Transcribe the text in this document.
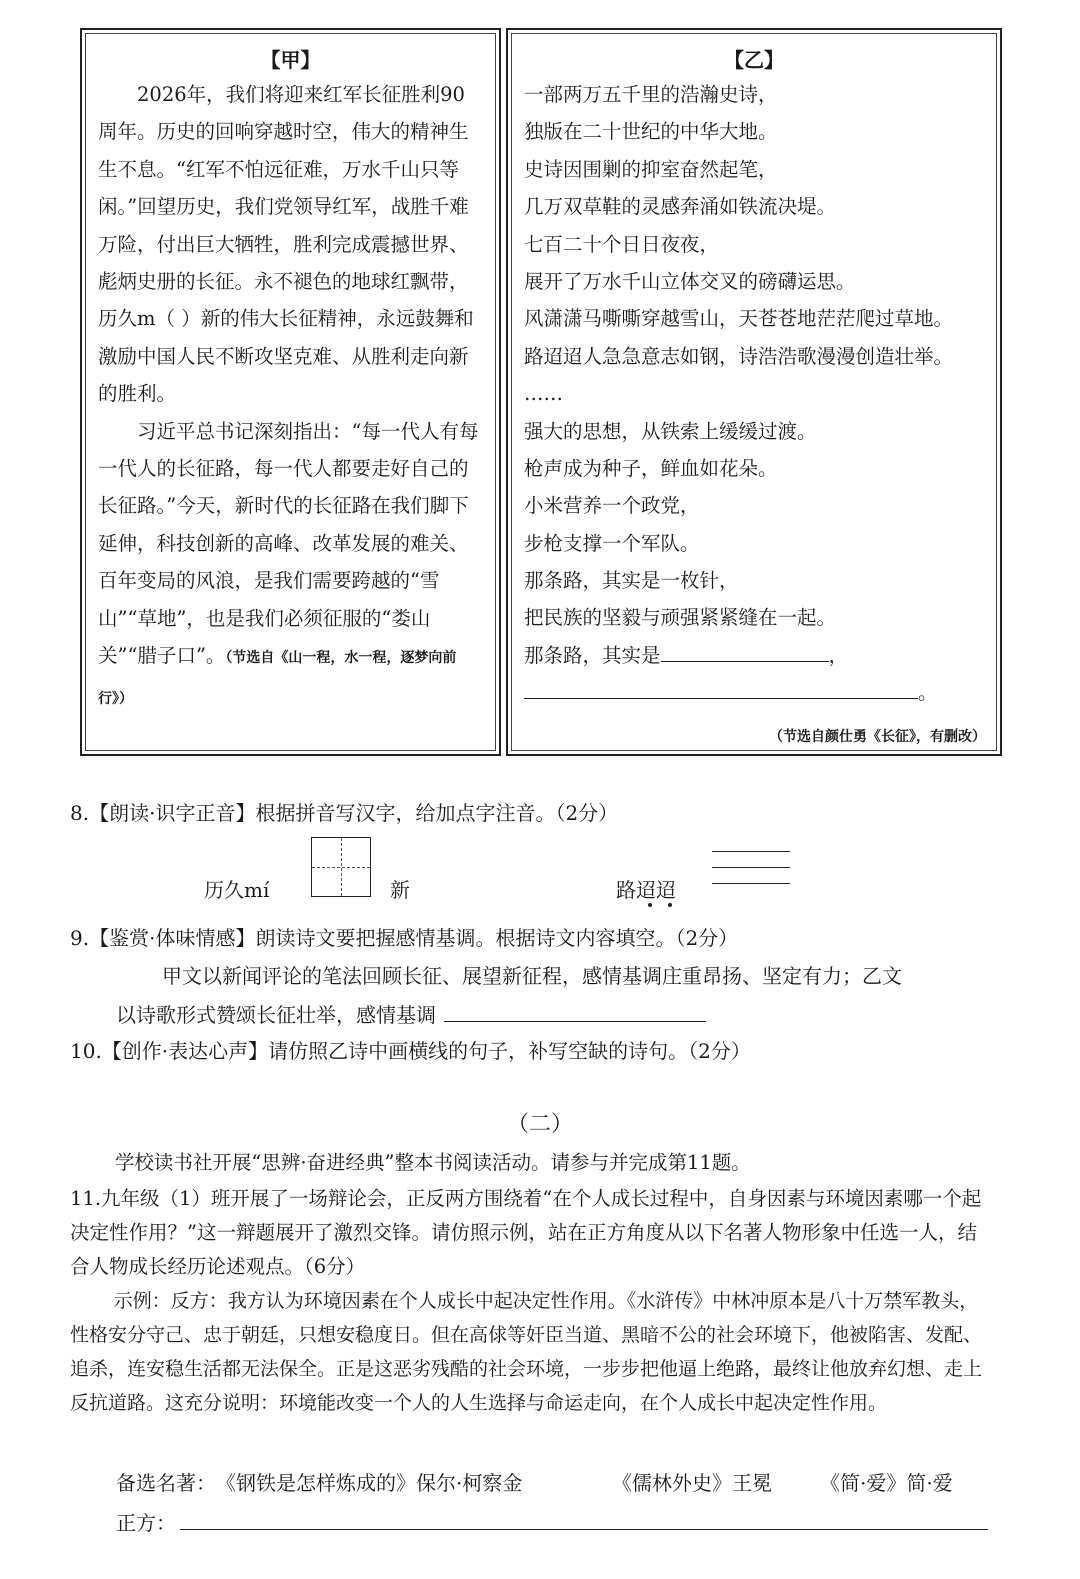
【甲】

2026年，我们将迎来红军长征胜利90周年。历史的回响穿越时空，伟大的精神生生不息。“红军不怕远征难，万水千山只等闲。”回望历史，我们党领导红军，战胜千难万险，付出巨大牺牲，胜利完成震撼世界、彪炳史册的长征。永不褪色的地球红飘带，历久m（ ）新的伟大长征精神，永远鼓舞和激励中国人民不断攻坚克难、从胜利走向新的胜利。

习近平总书记深刻指出：“每一代人有每一代人的长征路，每一代人都要走好自己的长征路。”今天，新时代的长征路在我们脚下延伸，科技创新的高峰、改革发展的难关、百年变局的风浪，是我们需要跨越的“雪山”“草地”，也是我们必须征服的“娄山关”“腊子口”。（节选自《山一程，水一程，逐梦向前行》）

【乙】
一部两万五千里的浩瀚史诗，
独版在二十世纪的中华大地。
史诗因围剿的抑室奋然起笔，
几万双草鞋的灵感奔涌如铁流决堤。
七百二十个日日夜夜，
展开了万水千山立体交叉的磅礴运思。
风潇潇马嘶嘶穿越雪山，天苍苍地茫茫爬过草地。
路迢迢人急急意志如钢，诗浩浩歌漫漫创造壮举。
……
强大的思想，从铁索上缓缓过渡。
枪声成为种子，鲜血如花朵。
小米营养一个政党，
步枪支撑一个军队。
那条路，其实是一枚针，
把民族的坚毅与顽强紧紧缝在一起。
那条路，其实是	，
。
（节选自颜仕勇《长征》，有删改）
8.【朗读·识字正音】根据拼音写汉字，给加点字注音。（2分）
历久mí	新	路迢迢
9.【鉴赏·体味情感】朗读诗文要把握感情基调。根据诗文内容填空。（2分）
甲文以新闻评论的笔法回顾长征、展望新征程，感情基调庄重昂扬、坚定有力；乙文
以诗歌形式赞颂长征壮举，感情基调
10.【创作·表达心声】请仿照乙诗中画横线的句子，补写空缺的诗句。（2分）
（二）
学校读书社开展“思辨·奋进经典”整本书阅读活动。请参与并完成第11题。
11.九年级（1）班开展了一场辩论会，正反两方围绕着“在个人成长过程中，自身因素与环境因素哪一个起决定性作用？”这一辩题展开了激烈交锋。请仿照示例，站在正方角度从以下名著人物形象中任选一人，结合人物成长经历论述观点。（6分）
示例：反方：我方认为环境因素在个人成长中起决定性作用。《水浒传》中林冲原本是八十万禁军教头，性格安分守己、忠于朝廷，只想安稳度日。但在高俅等奸臣当道、黑暗不公的社会环境下，他被陷害、发配、追杀，连安稳生活都无法保全。正是这恶劣残酷的社会环境，一步步把他逼上绝路，最终让他放弃幻想、走上反抗道路。这充分说明：环境能改变一个人的人生选择与命运走向，在个人成长中起决定性作用。
备选名著： 《钢铁是怎样炼成的》保尔·柯察金	《儒林外史》王冕 《简·爱》简·爱
正方：
